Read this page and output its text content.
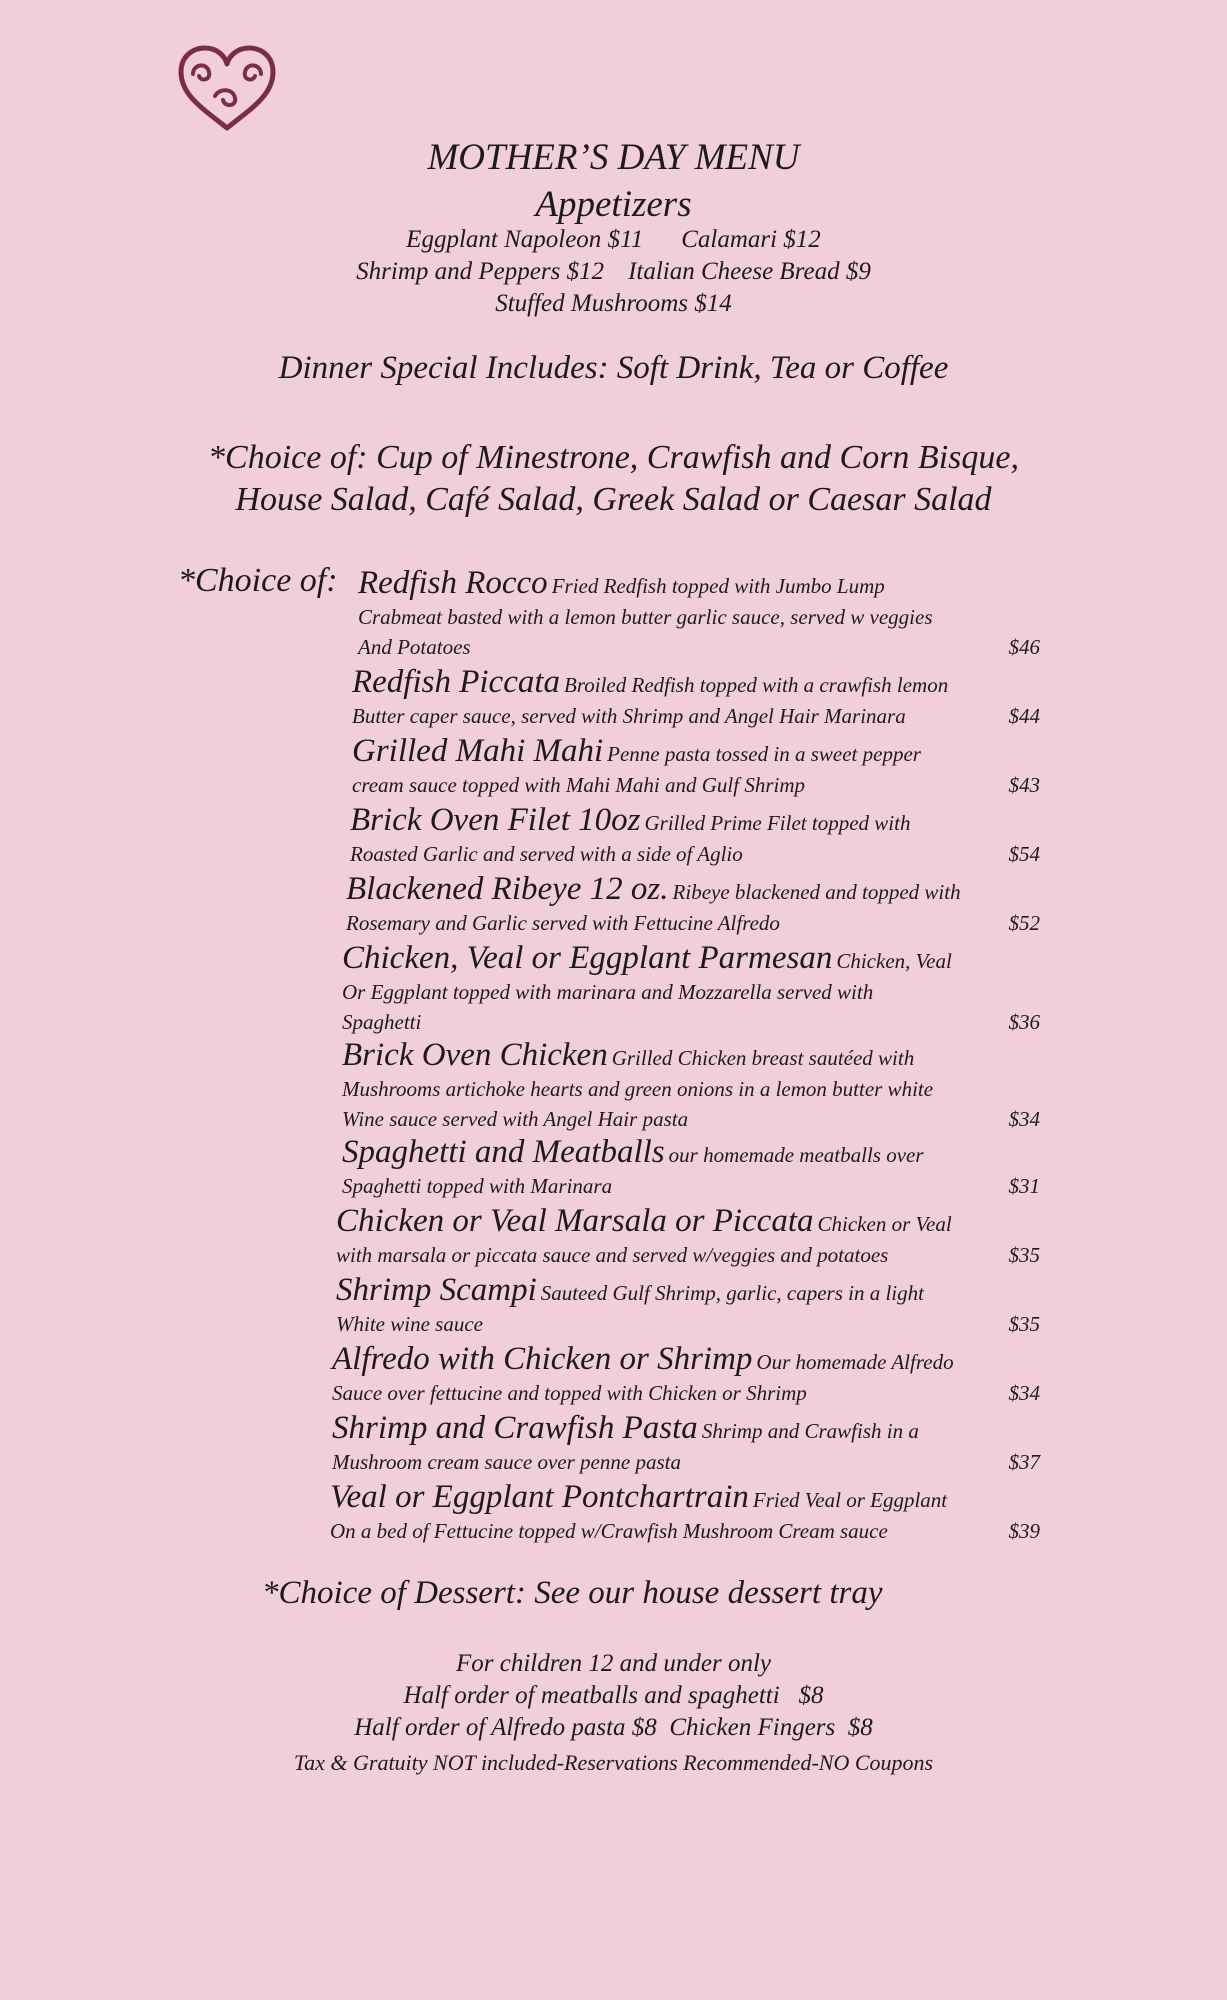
MOTHER’S DAY MENU
Appetizers
Eggplant Napoleon $11 Calamari $12
Shrimp and Peppers $12 Italian Cheese Bread $9
Stuffed Mushrooms $14
Dinner Special Includes: Soft Drink, Tea or Coffee
*Choice of: Cup of Minestrone, Crawfish and Corn Bisque,
House Salad, Café Salad, Greek Salad or Caesar Salad
*Choice of: Redfish Rocco Fried Redfish topped with Jumbo Lump
Crabmeat basted with a lemon butter garlic sauce, served w veggies
And Potatoes	$46
Redfish Piccata Broiled Redfish topped with a crawfish lemon
Butter caper sauce, served with Shrimp and Angel Hair Marinara	$44
Grilled Mahi Mahi Penne pasta tossed in a sweet pepper
cream sauce topped with Mahi Mahi and Gulf Shrimp	$43
Brick Oven Filet 10oz Grilled Prime Filet topped with
Roasted Garlic and served with a side of Aglio	$54
Blackened Ribeye 12 oz. Ribeye blackened and topped with
Rosemary and Garlic served with Fettucine Alfredo	$52
Chicken, Veal or Eggplant Parmesan Chicken, Veal
Or Eggplant topped with marinara and Mozzarella served with
Spaghetti	$36
Brick Oven Chicken Grilled Chicken breast sautéed with
Mushrooms artichoke hearts and green onions in a lemon butter white
Wine sauce served with Angel Hair pasta	$34
Spaghetti and Meatballs our homemade meatballs over
Spaghetti topped with Marinara	$31
Chicken or Veal Marsala or Piccata Chicken or Veal
with marsala or piccata sauce and served w/veggies and potatoes	$35
Shrimp Scampi Sauteed Gulf Shrimp, garlic, capers in a light
White wine sauce	$35
Alfredo with Chicken or Shrimp Our homemade Alfredo
Sauce over fettucine and topped with Chicken or Shrimp	$34
Shrimp and Crawfish Pasta Shrimp and Crawfish in a
Mushroom cream sauce over penne pasta	$37
Veal or Eggplant Pontchartrain Fried Veal or Eggplant
On a bed of Fettucine topped w/Crawfish Mushroom Cream sauce	$39
*Choice of Dessert: See our house dessert tray
For children 12 and under only
Half order of meatballs and spaghetti $8
Half order of Alfredo pasta $8 Chicken Fingers $8
Tax & Gratuity NOT included-Reservations Recommended-NO Coupons
